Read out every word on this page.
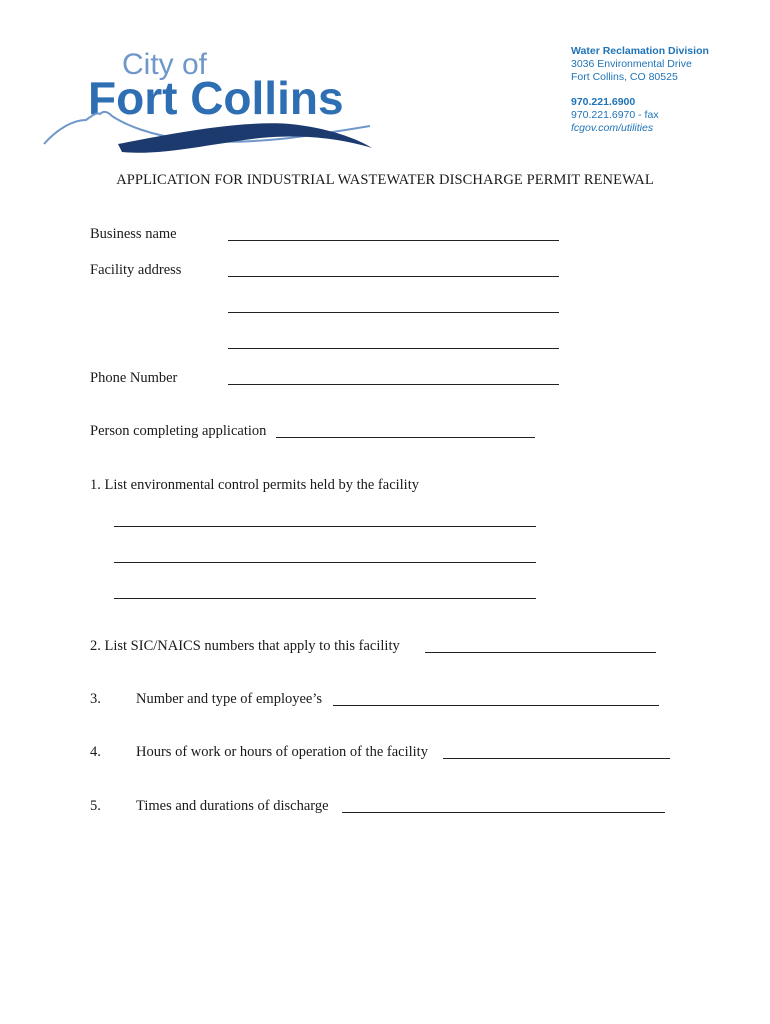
City of
Fort Collins
Water Reclamation Division
3036 Environmental Drive
Fort Collins, CO 80525
970.221.6900
970.221.6970 - fax
fcgov.com/utilities
APPLICATION FOR INDUSTRIAL WASTEWATER DISCHARGE PERMIT RENEWAL
Business name
Facility address
Phone Number
Person completing application
1. List environmental control permits held by the facility
2. List SIC/NAICS numbers that apply to this facility
3. Number and type of employee’s
4. Hours of work or hours of operation of the facility
5. Times and durations of discharge
